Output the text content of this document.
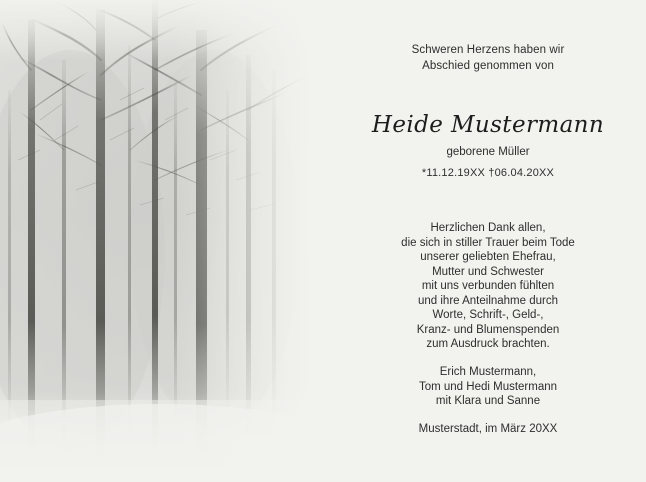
Schweren Herzens haben wir
Abschied genommen von
Heide Mustermann
geborene Müller
*11.12.19XX †06.04.20XX
Herzlichen Dank allen,
die sich in stiller Trauer beim Tode
unserer geliebten Ehefrau,
Mutter und Schwester
mit uns verbunden fühlten
und ihre Anteilnahme durch
Worte, Schrift-, Geld-,
Kranz- und Blumenspenden
zum Ausdruck brachten.
Erich Mustermann,
Tom und Hedi Mustermann
mit Klara und Sanne
Musterstadt, im März 20XX
